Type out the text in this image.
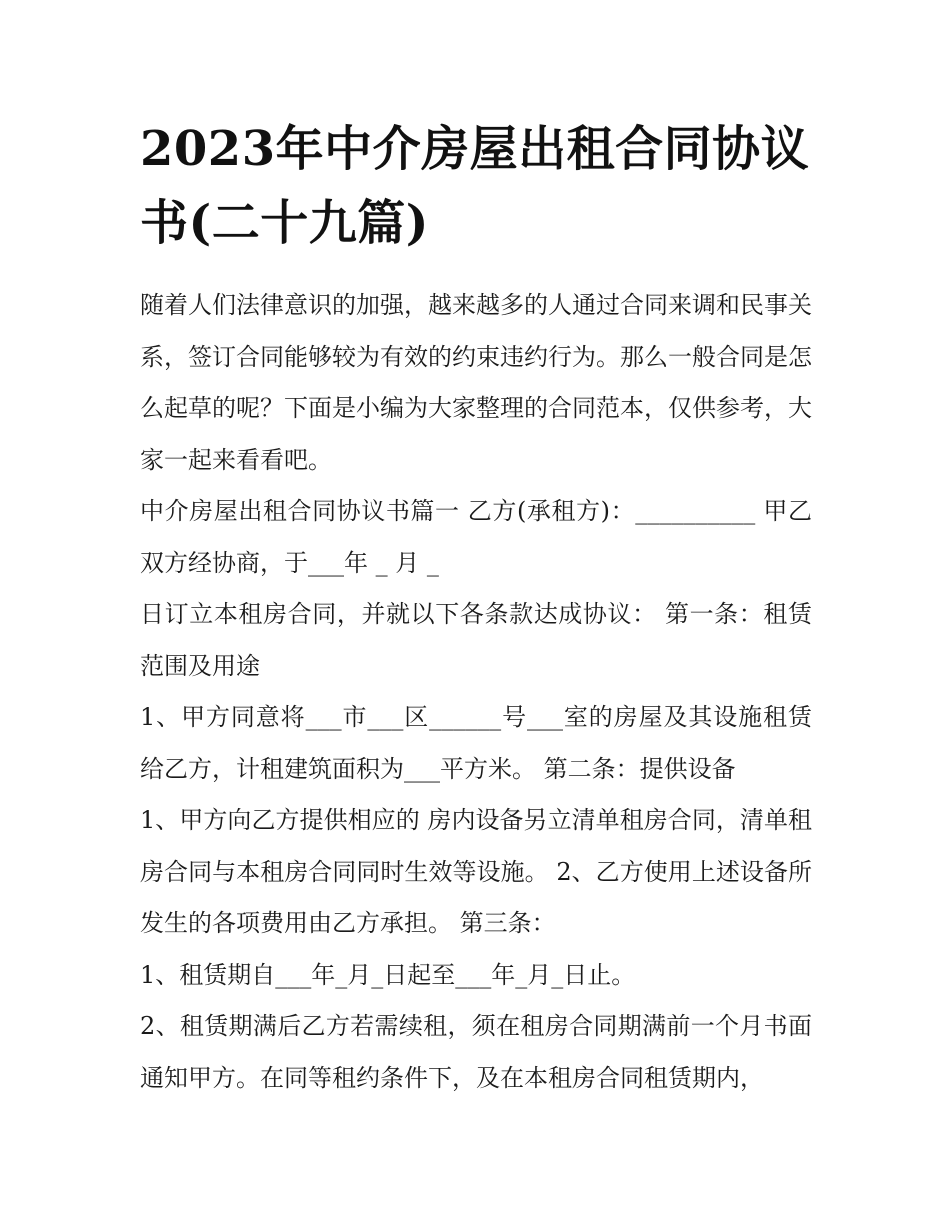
2023年中介房屋出租合同协议书(二十九篇)

随着人们法律意识的加强，越来越多的人通过合同来调和民事关系，签订合同能够较为有效的约束违约行为。那么一般合同是怎么起草的呢？下面是小编为大家整理的合同范本，仅供参考，大家一起来看看吧。

中介房屋出租合同协议书篇一 乙方(承租方)：__________ 甲乙双方经协商，于___年 _ 月 _

日订立本租房合同，并就以下各条款达成协议： 第一条：租赁范围及用途

1、甲方同意将___市___区______号___室的房屋及其设施租赁给乙方，计租建筑面积为___平方米。 第二条：提供设备

1、甲方向乙方提供相应的 房内设备另立清单租房合同，清单租房合同与本租房合同同时生效等设施。 2、乙方使用上述设备所发生的各项费用由乙方承担。 第三条：

1、租赁期自___年_月_日起至___年_月_日止。

2、租赁期满后乙方若需续租，须在租房合同期满前一个月书面通知甲方。在同等租约条件下，及在本租房合同租赁期内，
